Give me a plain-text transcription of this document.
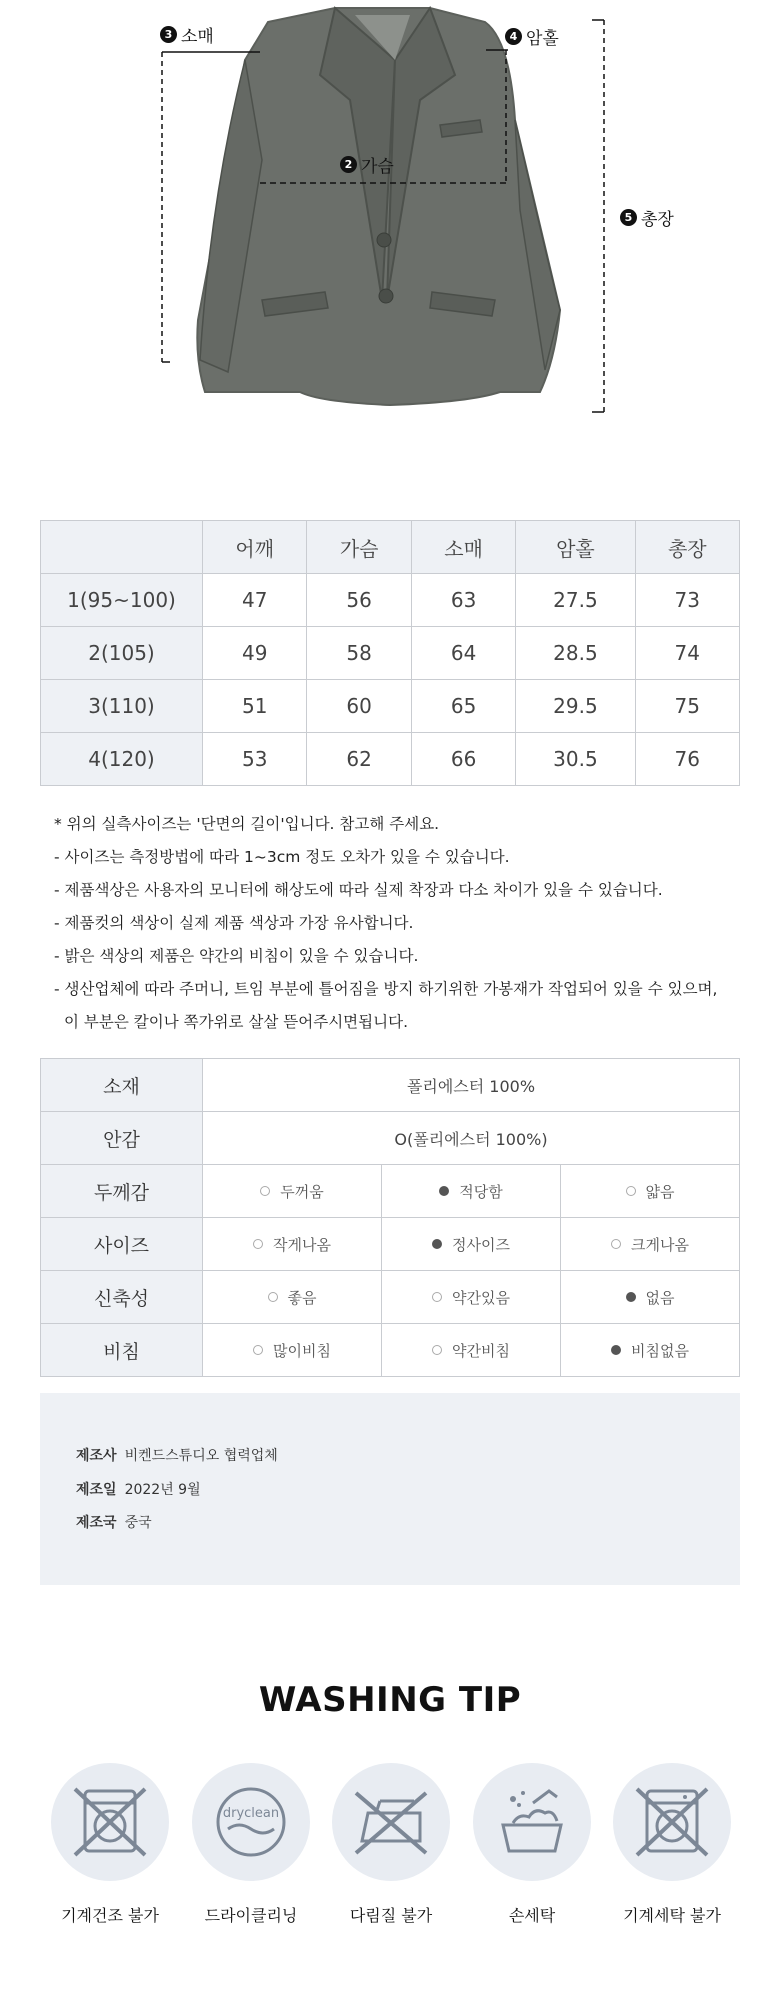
3 소매	4 암홀
2 가슴
5 총장
	어깨	가슴	소매	암홀	총장
1(95~100)	47	56	63	27.5	73
2(105)	49	58	64	28.5	74
3(110)	51	60	65	29.5	75
4(120)	53	62	66	30.5	76
* 위의 실측사이즈는 '단면의 길이'입니다. 참고해 주세요.
- 사이즈는 측정방법에 따라 1~3cm 정도 오차가 있을 수 있습니다.
- 제품색상은 사용자의 모니터에 해상도에 따라 실제 착장과 다소 차이가 있을 수 있습니다.
- 제품컷의 색상이 실제 제품 색상과 가장 유사합니다.
- 밝은 색상의 제품은 약간의 비침이 있을 수 있습니다.
- 생산업체에 따라 주머니, 트임 부분에 틀어짐을 방지 하기위한 가봉재가 작업되어 있을 수 있으며,
이 부분은 칼이나 쪽가위로 살살 뜯어주시면됩니다.
소재	폴리에스터 100%		
안감	O(폴리에스터 100%)		
두께감	두꺼움	적당함	얇음

사이즈	작게나옴	정사이즈	크게나옴

신축성	좋음	약간있음	없음

비침	많이비침	약간비침	비침없음
제조사 비켄드스튜디오 협력업체
제조일 2022년 9월
제조국 중국
WASHING TIP
기계건조 불가
dryclean
드라이클리닝	다림질 불가	손세탁	기계세탁 불가
